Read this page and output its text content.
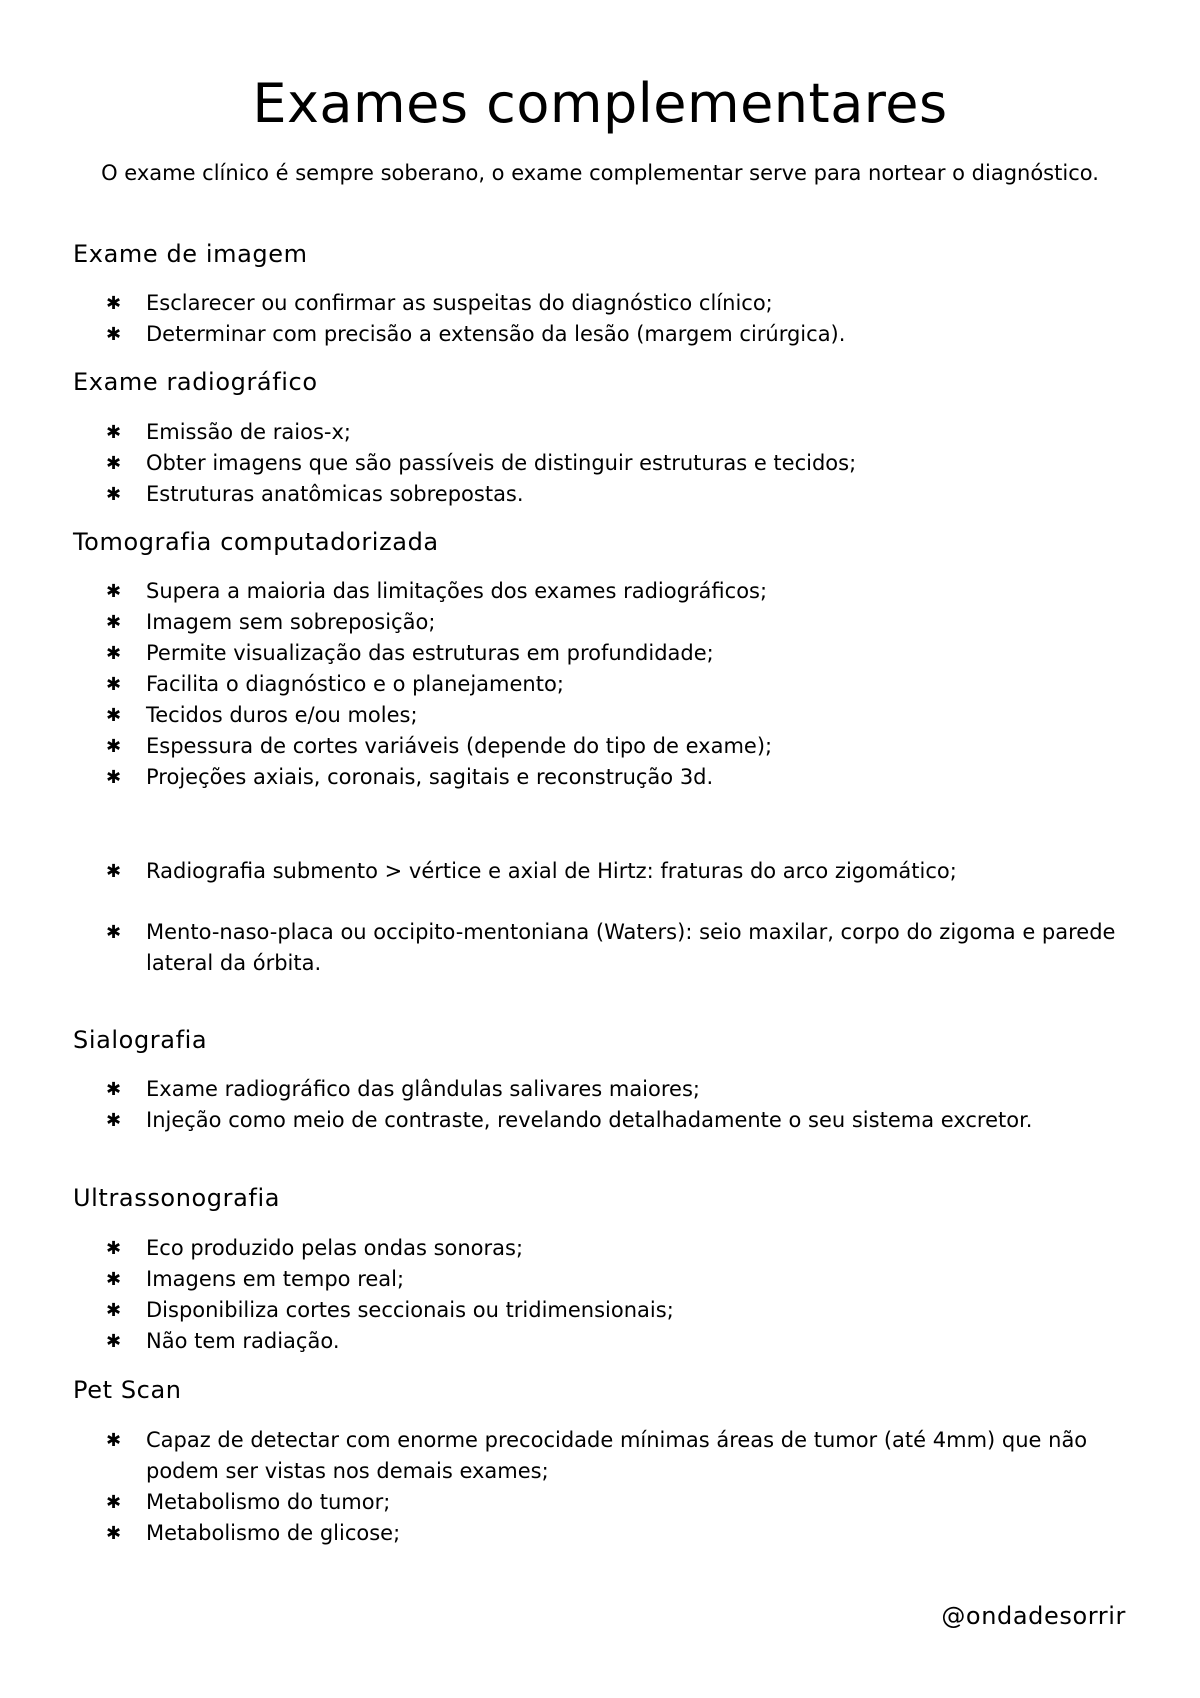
Exames complementares
O exame clínico é sempre soberano, o exame complementar serve para nortear o diagnóstico.
Exame de imagem
✱ Esclarecer ou confirmar as suspeitas do diagnóstico clínico;
✱ Determinar com precisão a extensão da lesão (margem cirúrgica).
Exame radiográfico
✱ Emissão de raios-x;
✱ Obter imagens que são passíveis de distinguir estruturas e tecidos;
✱ Estruturas anatômicas sobrepostas.
Tomografia computadorizada
✱ Supera a maioria das limitações dos exames radiográficos;
✱ Imagem sem sobreposição;
✱ Permite visualização das estruturas em profundidade;
✱ Facilita o diagnóstico e o planejamento;
✱ Tecidos duros e/ou moles;
✱ Espessura de cortes variáveis (depende do tipo de exame);
✱ Projeções axiais, coronais, sagitais e reconstrução 3d.
✱ Radiografia submento > vértice e axial de Hirtz: fraturas do arco zigomático;
✱ Mento-naso-placa ou occipito-mentoniana (Waters): seio maxilar, corpo do zigoma e parede lateral da órbita.
Sialografia
✱ Exame radiográfico das glândulas salivares maiores;
✱ Injeção como meio de contraste, revelando detalhadamente o seu sistema excretor.
Ultrassonografia
✱ Eco produzido pelas ondas sonoras;
✱ Imagens em tempo real;
✱ Disponibiliza cortes seccionais ou tridimensionais;
✱ Não tem radiação.
Pet Scan
✱ Capaz de detectar com enorme precocidade mínimas áreas de tumor (até 4mm) que não podem ser vistas nos demais exames;
✱ Metabolismo do tumor;
✱ Metabolismo de glicose;
@ondadesorrir
